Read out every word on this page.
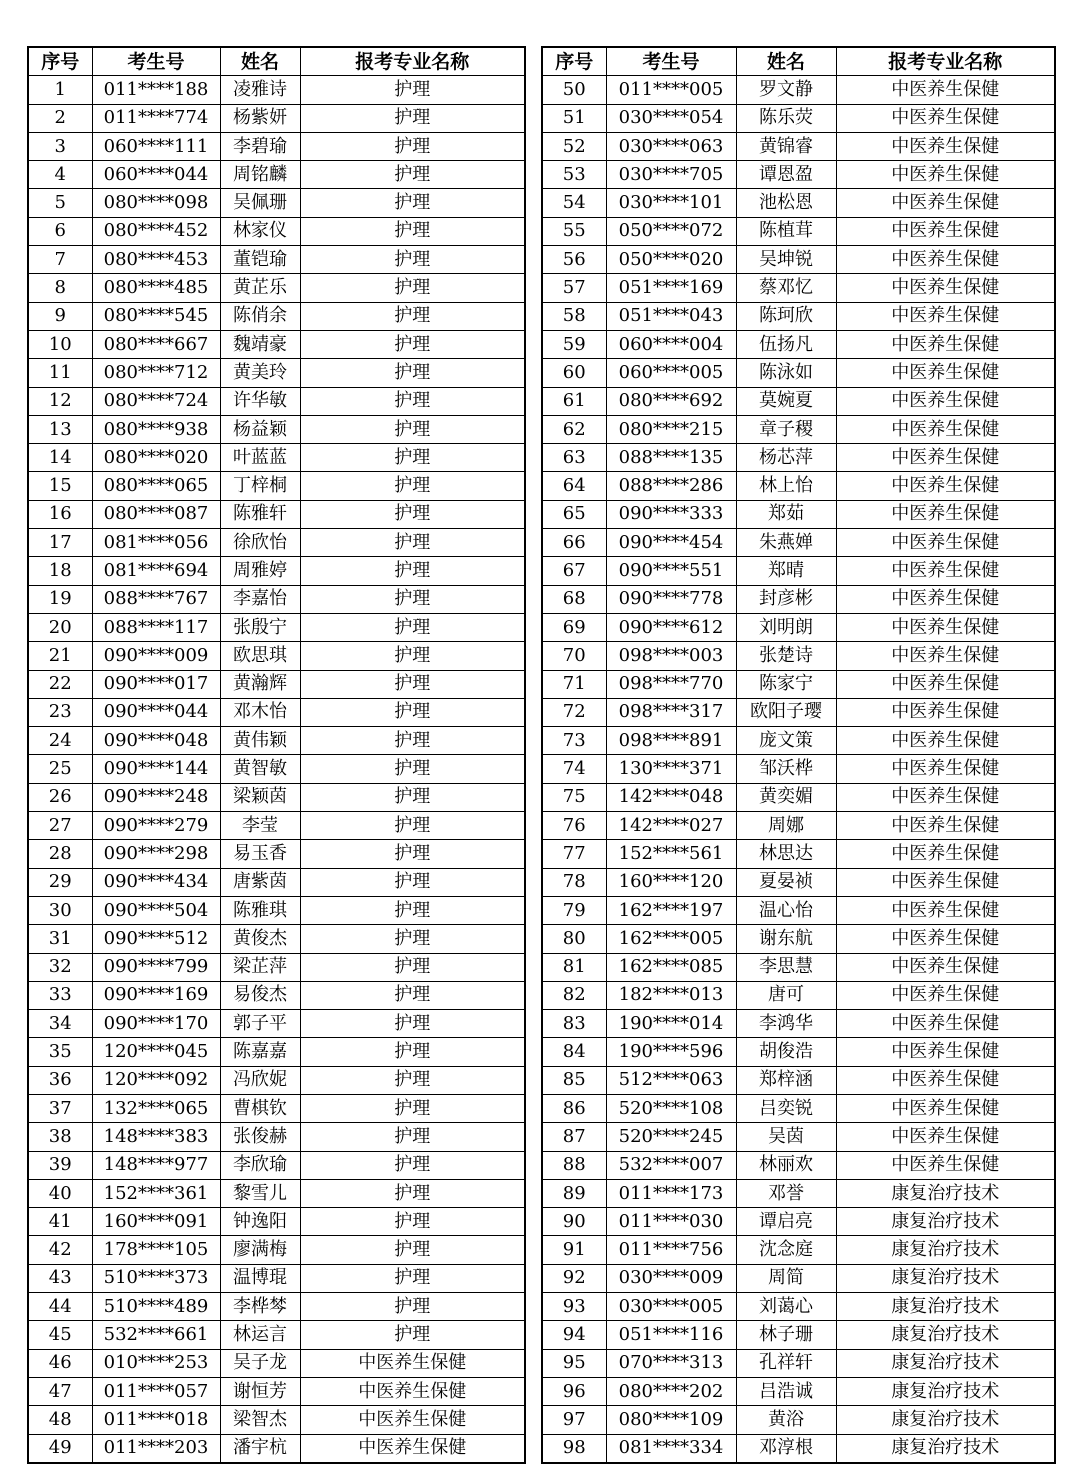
序号	考生号	姓名	报考专业名称
1	011****188	凌雅诗	护理
2	011****774	杨紫妍	护理
3	060****111	李碧瑜	护理
4	060****044	周铭麟	护理
5	080****098	吴佩珊	护理
6	080****452	林家仪	护理
7	080****453	董铠瑜	护理
8	080****485	黄芷乐	护理
9	080****545	陈俏余	护理
10	080****667	魏靖豪	护理
11	080****712	黄美玲	护理
12	080****724	许华敏	护理
13	080****938	杨益颖	护理
14	080****020	叶蓝蓝	护理
15	080****065	丁梓桐	护理
16	080****087	陈雅轩	护理
17	081****056	徐欣怡	护理
18	081****694	周雅婷	护理
19	088****767	李嘉怡	护理
20	088****117	张殷宁	护理
21	090****009	欧思琪	护理
22	090****017	黄瀚辉	护理
23	090****044	邓木怡	护理
24	090****048	黄伟颖	护理
25	090****144	黄智敏	护理
26	090****248	梁颖茵	护理
27	090****279	李莹	护理
28	090****298	易玉香	护理
29	090****434	唐紫茵	护理
30	090****504	陈雅琪	护理
31	090****512	黄俊杰	护理
32	090****799	梁芷萍	护理
33	090****169	易俊杰	护理
34	090****170	郭子平	护理
35	120****045	陈嘉嘉	护理
36	120****092	冯欣妮	护理
37	132****065	曹棋钦	护理
38	148****383	张俊赫	护理
39	148****977	李欣瑜	护理
40	152****361	黎雪儿	护理
41	160****091	钟逸阳	护理
42	178****105	廖满梅	护理
43	510****373	温博琨	护理
44	510****489	李桦棽	护理
45	532****661	林运言	护理
46	010****253	吴子龙	中医养生保健
47	011****057	谢恒芳	中医养生保健
48	011****018	梁智杰	中医养生保健
49	011****203	潘宇杭	中医养生保健
序号	考生号	姓名	报考专业名称
50	011****005	罗文静	中医养生保健
51	030****054	陈乐荧	中医养生保健
52	030****063	黄锦睿	中医养生保健
53	030****705	谭恩盈	中医养生保健
54	030****101	池松恩	中医养生保健
55	050****072	陈植茸	中医养生保健
56	050****020	吴坤锐	中医养生保健
57	051****169	蔡邓忆	中医养生保健
58	051****043	陈珂欣	中医养生保健
59	060****004	伍扬凡	中医养生保健
60	060****005	陈泳如	中医养生保健
61	080****692	莫婉夏	中医养生保健
62	080****215	章子稷	中医养生保健
63	088****135	杨芯萍	中医养生保健
64	088****286	林上怡	中医养生保健
65	090****333	郑茹	中医养生保健
66	090****454	朱燕婵	中医养生保健
67	090****551	郑晴	中医养生保健
68	090****778	封彦彬	中医养生保健
69	090****612	刘明朗	中医养生保健
70	098****003	张楚诗	中医养生保健
71	098****770	陈家宁	中医养生保健
72	098****317	欧阳子璎	中医养生保健
73	098****891	庞文策	中医养生保健
74	130****371	邹沃桦	中医养生保健
75	142****048	黄奕媚	中医养生保健
76	142****027	周娜	中医养生保健
77	152****561	林思达	中医养生保健
78	160****120	夏晏祯	中医养生保健
79	162****197	温心怡	中医养生保健
80	162****005	谢东航	中医养生保健
81	162****085	李思慧	中医养生保健
82	182****013	唐可	中医养生保健
83	190****014	李鸿华	中医养生保健
84	190****596	胡俊浩	中医养生保健
85	512****063	郑梓涵	中医养生保健
86	520****108	吕奕锐	中医养生保健
87	520****245	吴茵	中医养生保健
88	532****007	林丽欢	中医养生保健
89	011****173	邓誉	康复治疗技术
90	011****030	谭启亮	康复治疗技术
91	011****756	沈念庭	康复治疗技术
92	030****009	周简	康复治疗技术
93	030****005	刘蔼心	康复治疗技术
94	051****116	林子珊	康复治疗技术
95	070****313	孔祥轩	康复治疗技术
96	080****202	吕浩诚	康复治疗技术
97	080****109	黄浴	康复治疗技术
98	081****334	邓淳根	康复治疗技术
